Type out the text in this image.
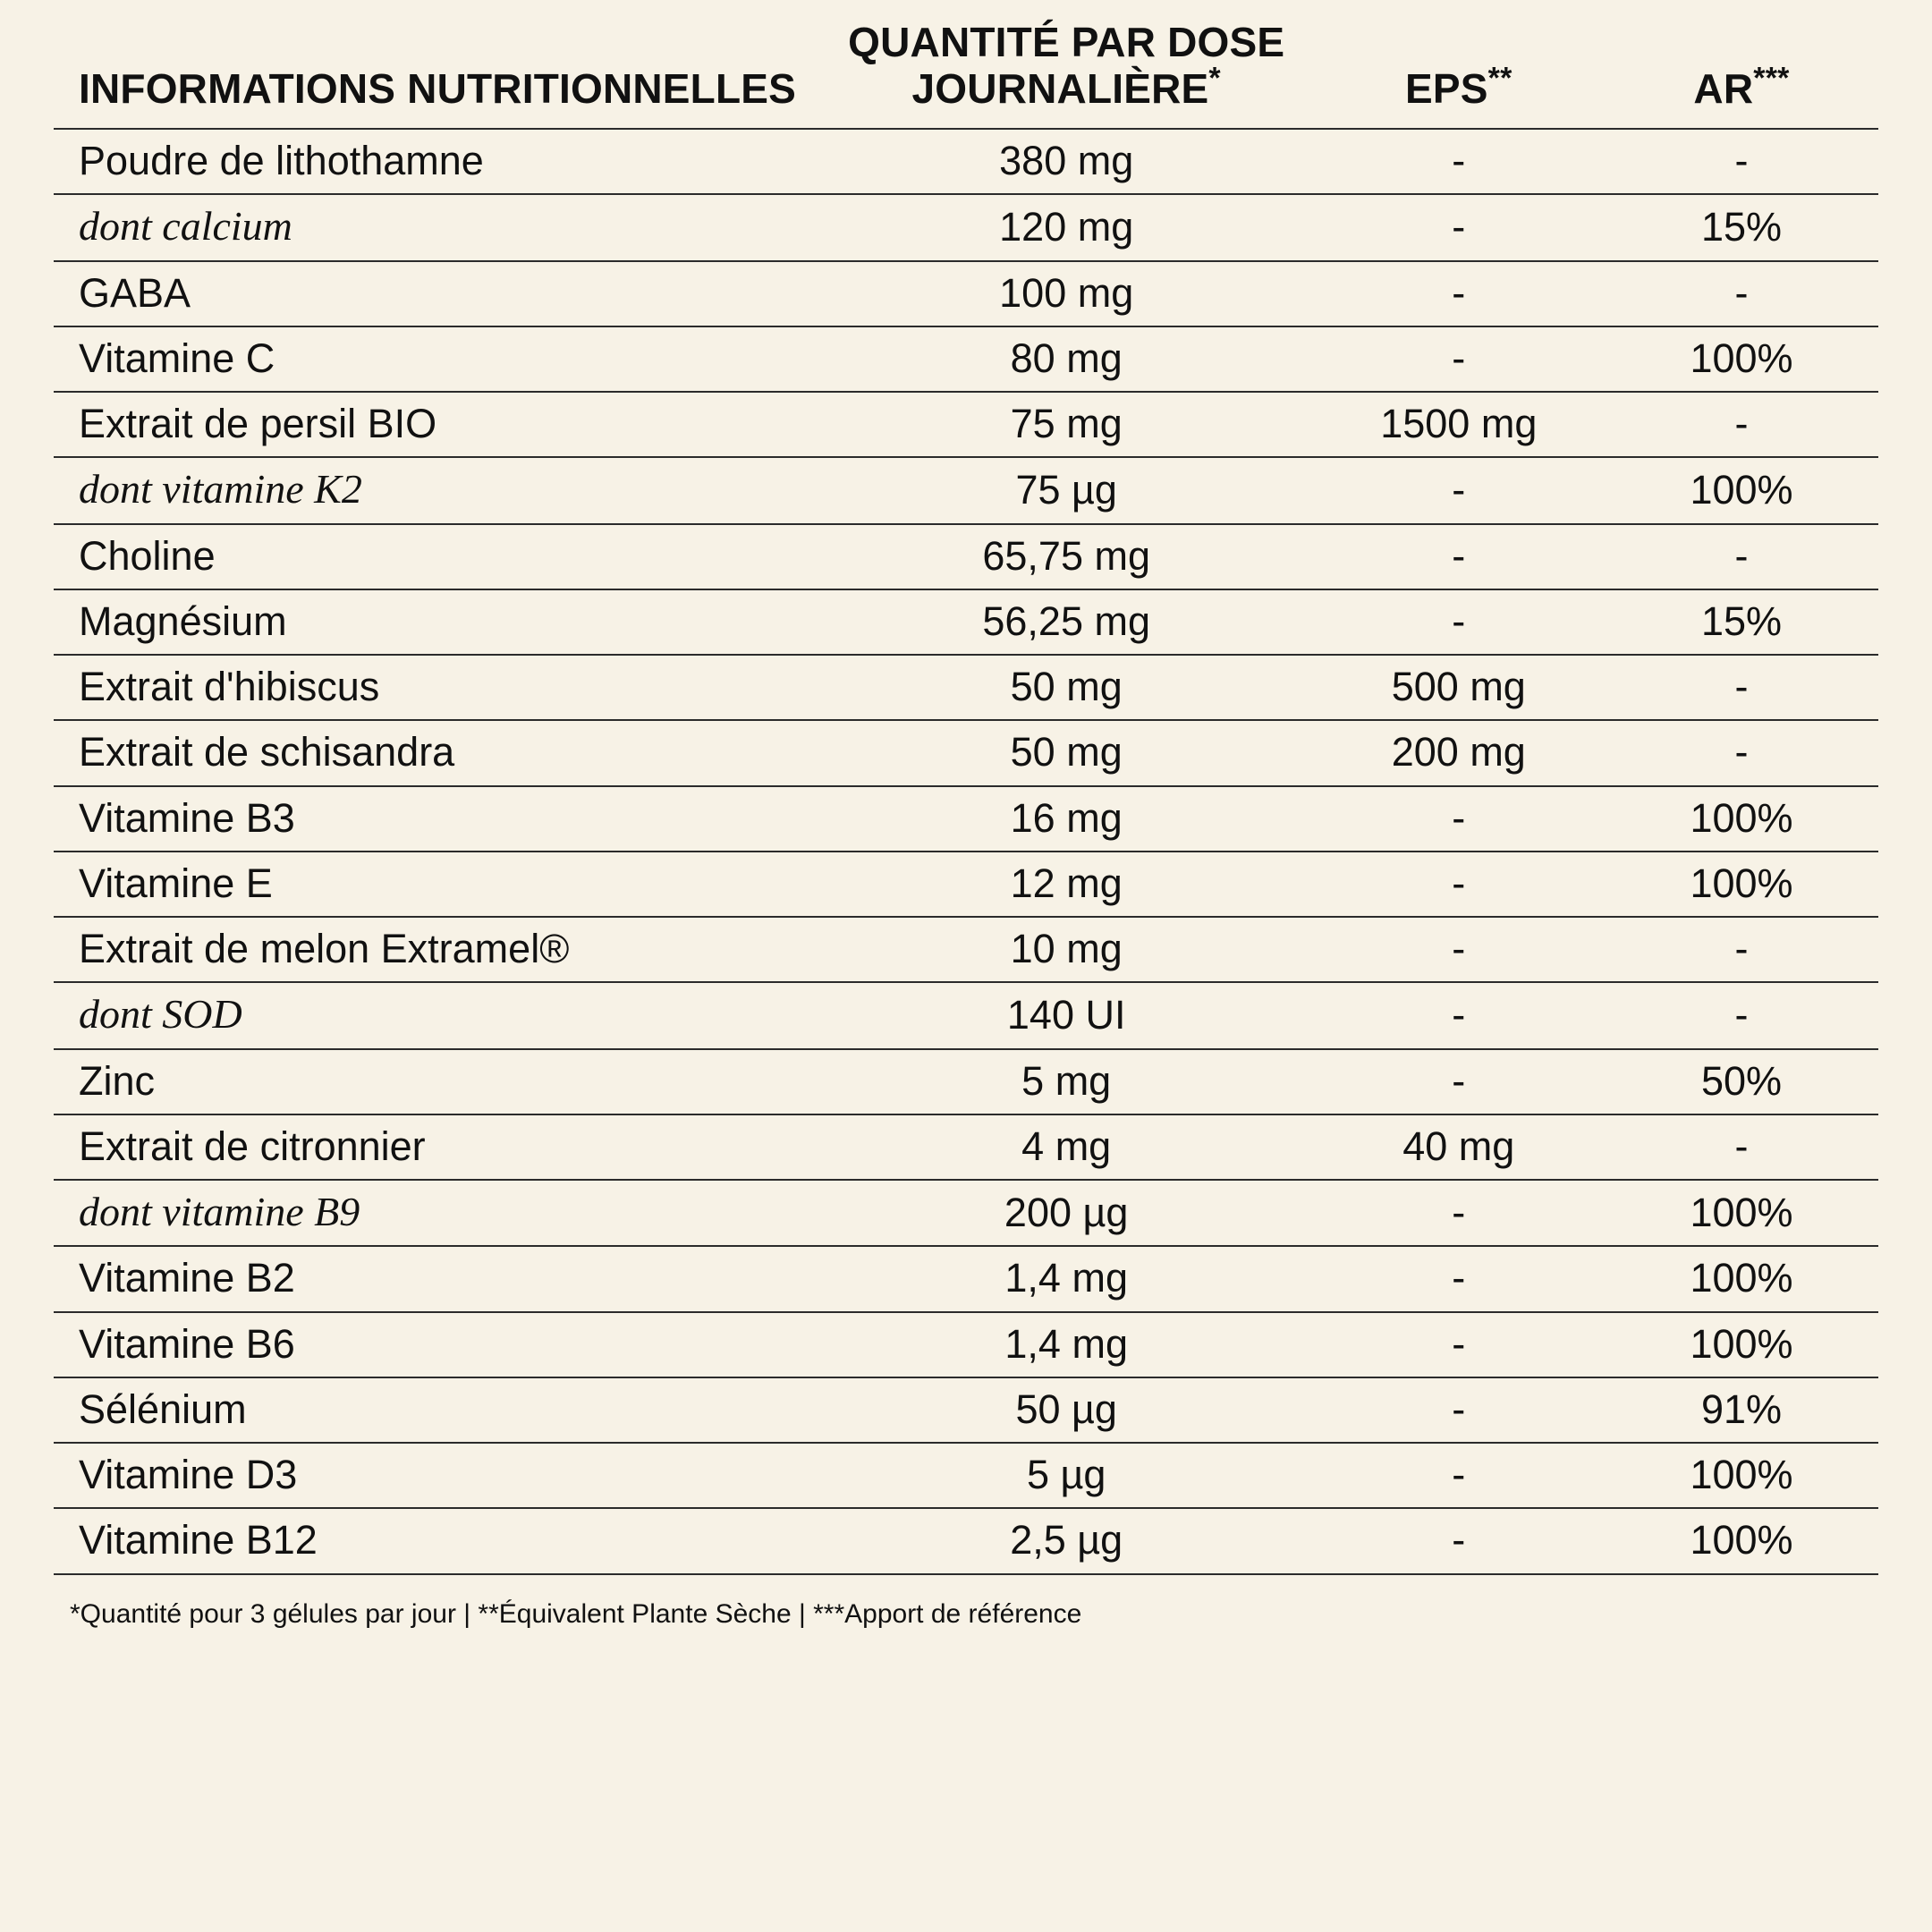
INFORMATIONS NUTRITIONNELLES	QUANTITÉ PAR DOSE JOURNALIÈRE*	EPS**	AR***
Poudre de lithothamne	380 mg	-	-
dont calcium	120 mg	-	15%
GABA	100 mg	-	-
Vitamine C	80 mg	-	100%
Extrait de persil BIO	75 mg	1500 mg	-
dont vitamine K2	75 µg	-	100%
Choline	65,75 mg	-	-
Magnésium	56,25 mg	-	15%
Extrait d'hibiscus	50 mg	500 mg	-
Extrait de schisandra	50 mg	200 mg	-
Vitamine B3	16 mg	-	100%
Vitamine E	12 mg	-	100%
Extrait de melon Extramel®	10 mg	-	-
dont SOD	140 UI	-	-
Zinc	5 mg	-	50%
Extrait de citronnier	4 mg	40 mg	-
dont vitamine B9	200 µg	-	100%
Vitamine B2	1,4 mg	-	100%
Vitamine B6	1,4 mg	-	100%
Sélénium	50 µg	-	91%
Vitamine D3	5 µg	-	100%
Vitamine B12	2,5 µg	-	100%
*Quantité pour 3 gélules par jour | **Équivalent Plante Sèche | ***Apport de référence
